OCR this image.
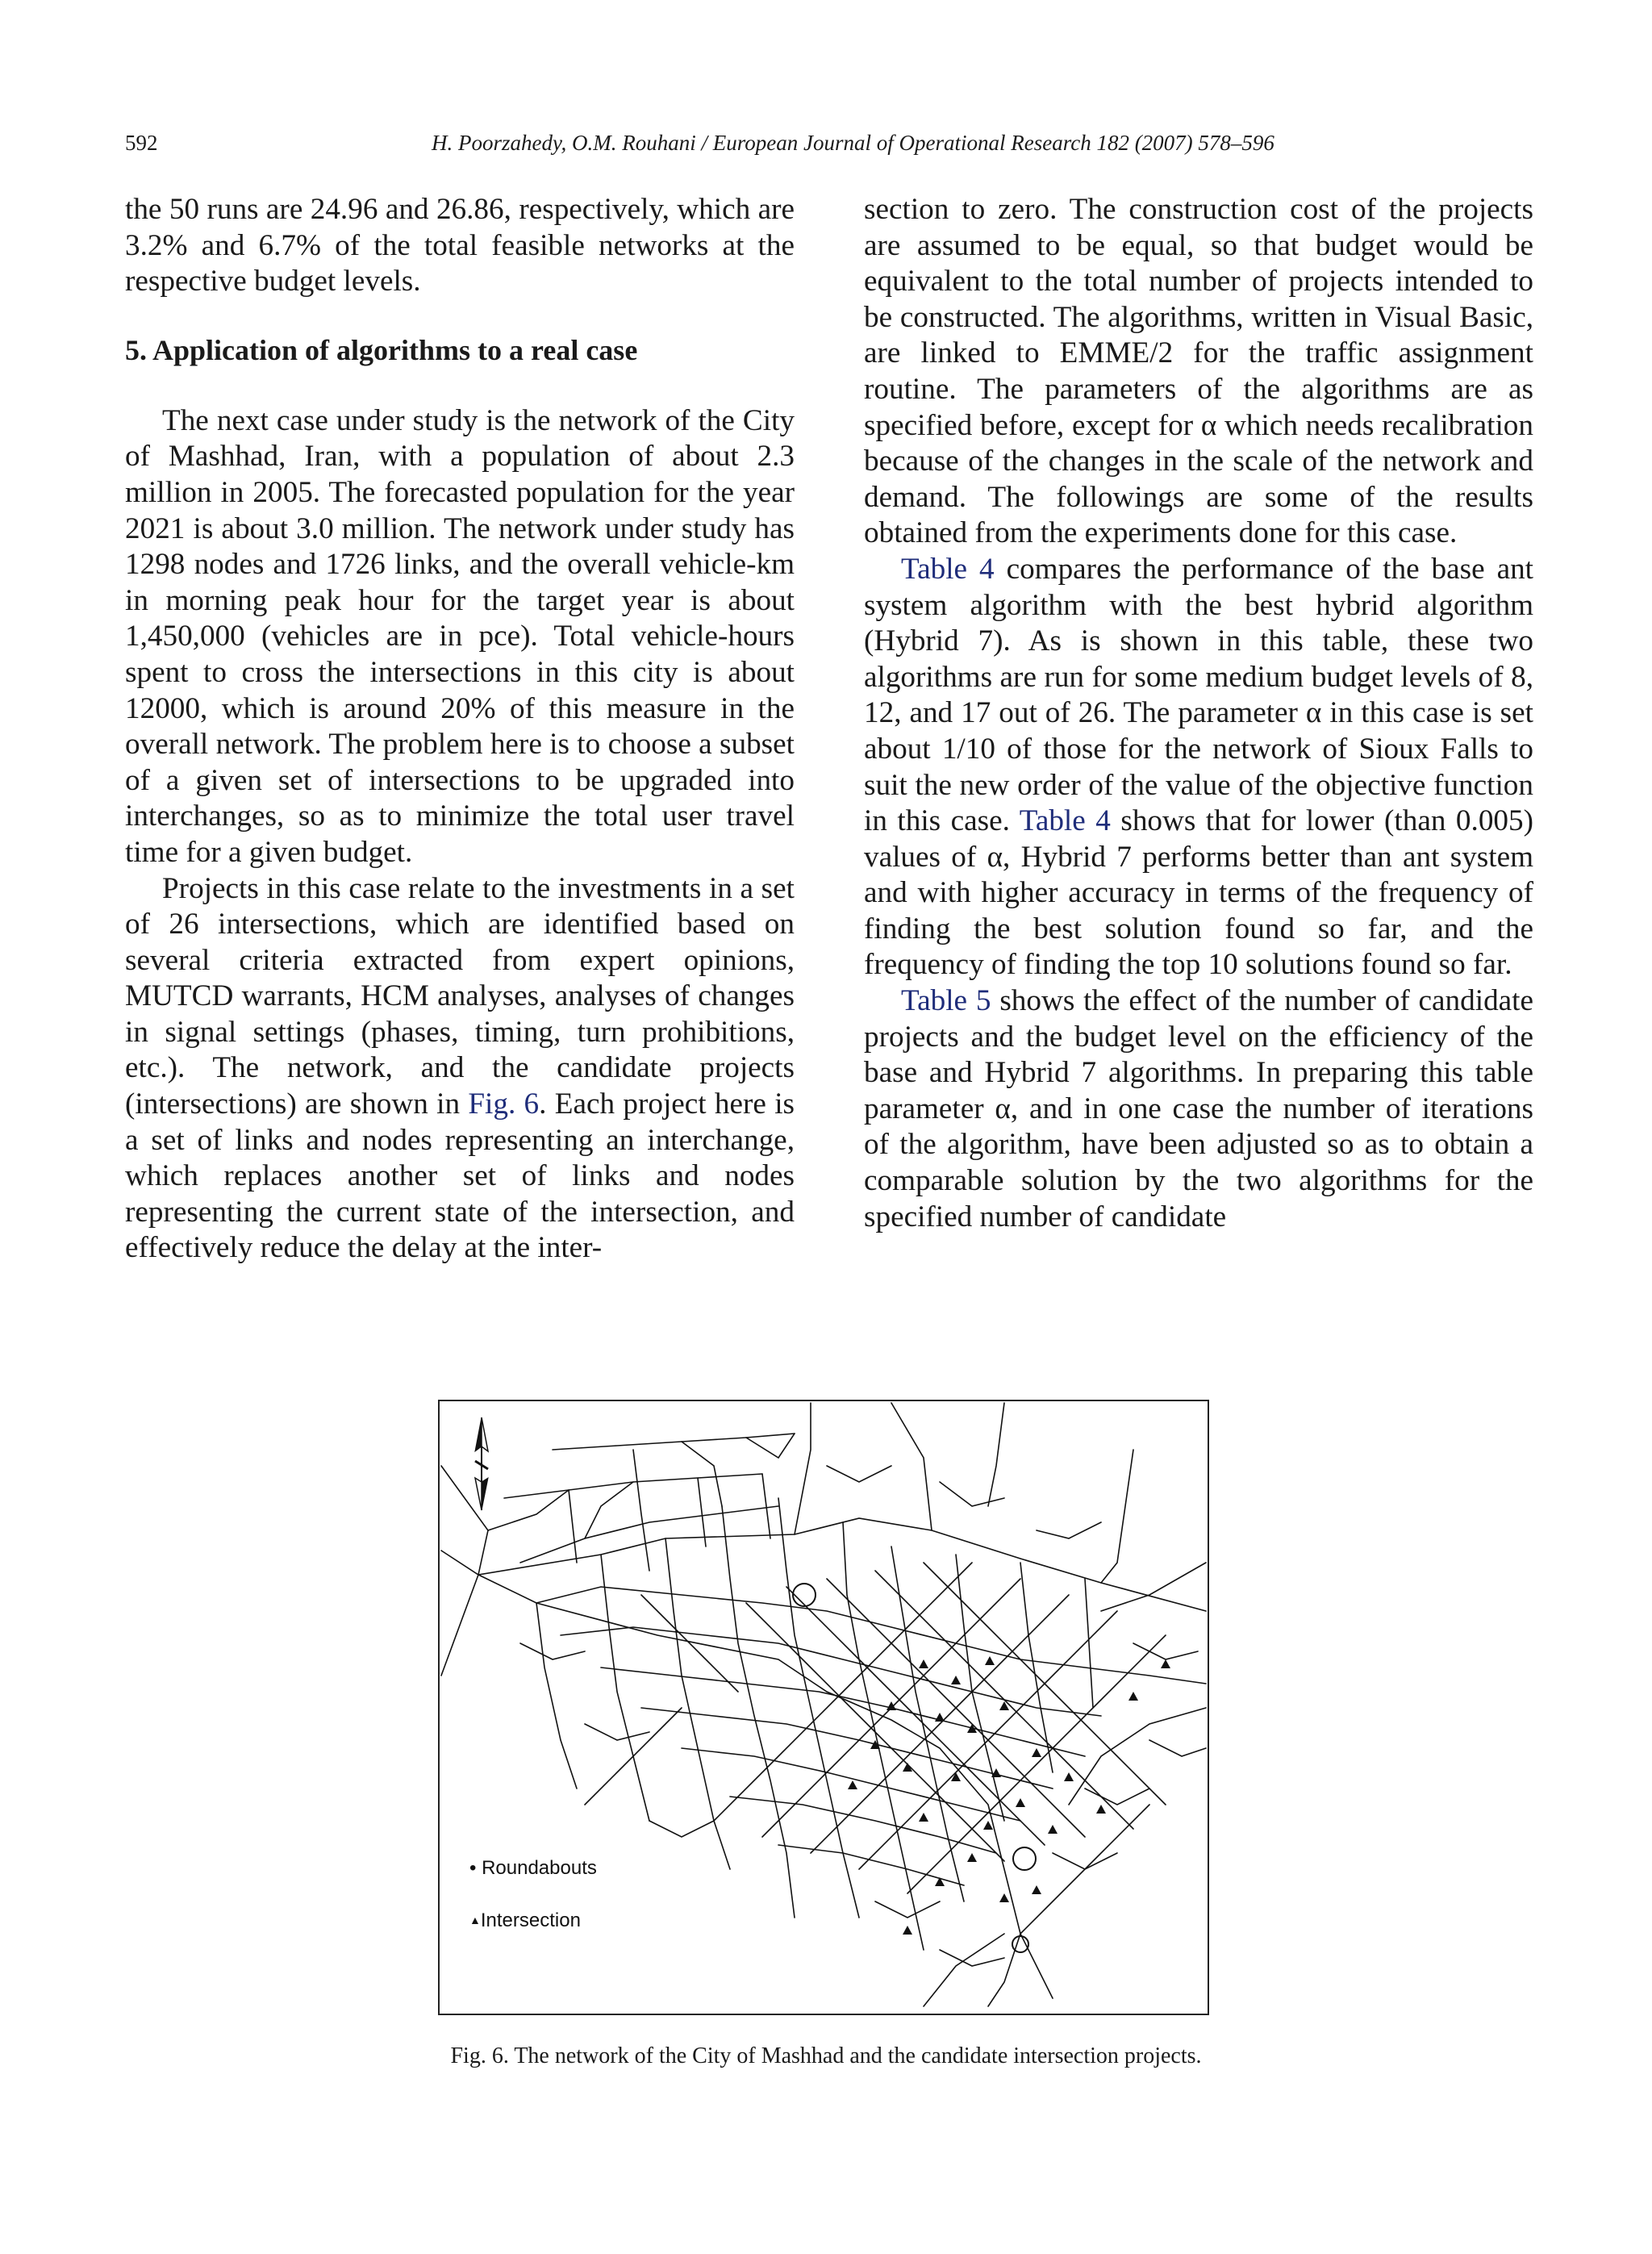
592	H. Poorzahedy, O.M. Rouhani / European Journal of Operational Research 182 (2007) 578–596

the 50 runs are 24.96 and 26.86, respectively, which are 3.2% and 6.7% of the total feasible networks at the respective budget levels.

5. Application of algorithms to a real case

The next case under study is the network of the City of Mashhad, Iran, with a population of about 2.3 million in 2005. The forecasted population for the year 2021 is about 3.0 million. The network under study has 1298 nodes and 1726 links, and the overall vehicle-km in morning peak hour for the target year is about 1,450,000 (vehicles are in pce). Total vehicle-hours spent to cross the intersections in this city is about 12000, which is around 20% of this measure in the overall network. The problem here is to choose a subset of a given set of intersections to be upgraded into interchanges, so as to minimize the total user travel time for a given budget.

Projects in this case relate to the investments in a set of 26 intersections, which are identified based on several criteria extracted from expert opinions, MUTCD warrants, HCM analyses, analyses of changes in signal settings (phases, timing, turn prohibitions, etc.). The network, and the candidate projects (intersections) are shown in Fig. 6. Each project here is a set of links and nodes representing an interchange, which replaces another set of links and nodes representing the current state of the intersection, and effectively reduce the delay at the inter-

section to zero. The construction cost of the projects are assumed to be equal, so that budget would be equivalent to the total number of projects intended to be constructed. The algorithms, written in Visual Basic, are linked to EMME/2 for the traffic assignment routine. The parameters of the algorithms are as specified before, except for α which needs recalibration because of the changes in the scale of the network and demand. The followings are some of the results obtained from the experiments done for this case.

Table 4 compares the performance of the base ant system algorithm with the best hybrid algorithm (Hybrid 7). As is shown in this table, these two algorithms are run for some medium budget levels of 8, 12, and 17 out of 26. The parameter α in this case is set about 1/10 of those for the network of Sioux Falls to suit the new order of the value of the objective function in this case. Table 4 shows that for lower (than 0.005) values of α, Hybrid 7 performs better than ant system and with higher accuracy in terms of the frequency of finding the best solution found so far, and the frequency of finding the top 10 solutions found so far.

Table 5 shows the effect of the number of candidate projects and the budget level on the efficiency of the base and Hybrid 7 algorithms. In preparing this table parameter α, and in one case the number of iterations of the algorithm, have been adjusted so as to obtain a comparable solution by the two algorithms for the specified number of candidate

• Roundabouts
▲Intersection
Fig. 6. The network of the City of Mashhad and the candidate intersection projects.
